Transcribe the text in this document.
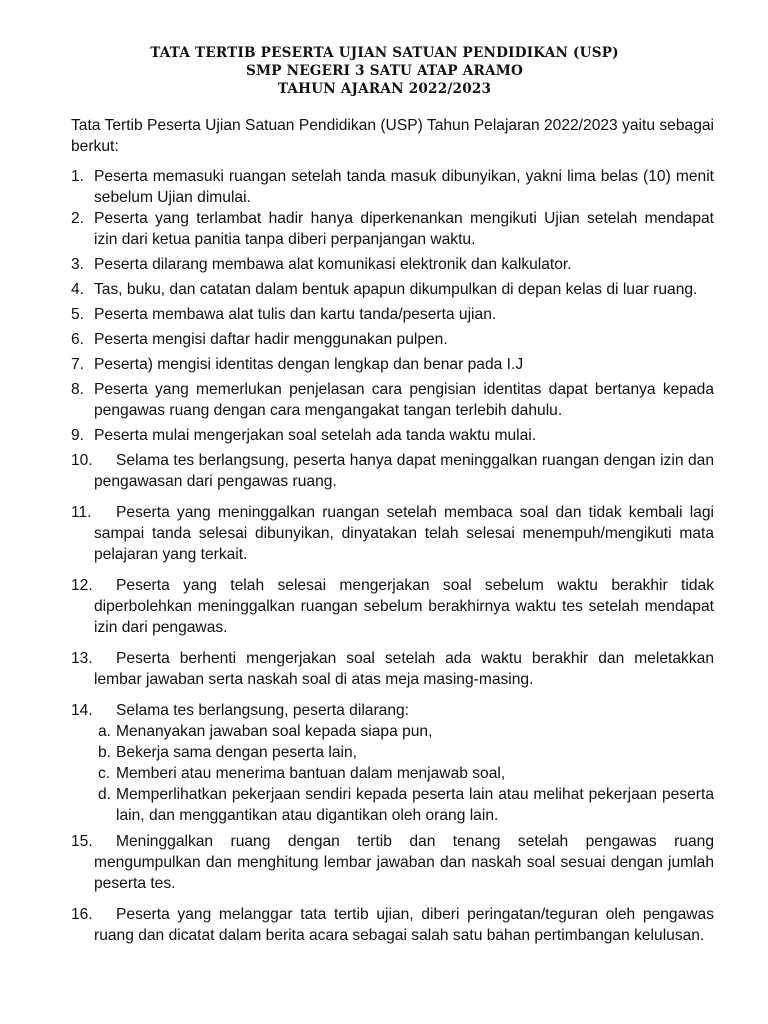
TATA TERTIB PESERTA UJIAN SATUAN PENDIDIKAN (USP)
SMP NEGERI 3 SATU ATAP ARAMO
TAHUN AJARAN 2022/2023
Tata Tertib Peserta Ujian Satuan Pendidikan (USP) Tahun Pelajaran 2022/2023 yaitu sebagai berkut:
1. Peserta memasuki ruangan setelah tanda masuk dibunyikan, yakni lima belas (10) menit sebelum Ujian dimulai.
2. Peserta yang terlambat hadir hanya diperkenankan mengikuti Ujian setelah mendapat izin dari ketua panitia tanpa diberi perpanjangan waktu.
3. Peserta dilarang membawa alat komunikasi elektronik dan kalkulator.
4. Tas, buku, dan catatan dalam bentuk apapun dikumpulkan di depan kelas di luar ruang.
5. Peserta membawa alat tulis dan kartu tanda/peserta ujian.
6. Peserta mengisi daftar hadir menggunakan pulpen.
7. Peserta) mengisi identitas dengan lengkap dan benar pada I.J
8. Peserta yang memerlukan penjelasan cara pengisian identitas dapat bertanya kepada pengawas ruang dengan cara mengangakat tangan terlebih dahulu.
9. Peserta mulai mengerjakan soal setelah ada tanda waktu mulai.
10. Selama tes berlangsung, peserta hanya dapat meninggalkan ruangan dengan izin dan pengawasan dari pengawas ruang.
11. Peserta yang meninggalkan ruangan setelah membaca soal dan tidak kembali lagi sampai tanda selesai dibunyikan, dinyatakan telah selesai menempuh/mengikuti mata pelajaran yang terkait.
12. Peserta yang telah selesai mengerjakan soal sebelum waktu berakhir tidak diperbolehkan meninggalkan ruangan sebelum berakhirnya waktu tes setelah mendapat izin dari pengawas.
13. Peserta berhenti mengerjakan soal setelah ada waktu berakhir dan meletakkan lembar jawaban serta naskah soal di atas meja masing-masing.
14. Selama tes berlangsung, peserta dilarang:
a. Menanyakan jawaban soal kepada siapa pun,
b. Bekerja sama dengan peserta lain,
c. Memberi atau menerima bantuan dalam menjawab soal,
d. Memperlihatkan pekerjaan sendiri kepada peserta lain atau melihat pekerjaan peserta lain, dan menggantikan atau digantikan oleh orang lain.
15. Meninggalkan ruang dengan tertib dan tenang setelah pengawas ruang mengumpulkan dan menghitung lembar jawaban dan naskah soal sesuai dengan jumlah peserta tes.
16. Peserta yang melanggar tata tertib ujian, diberi peringatan/teguran oleh pengawas ruang dan dicatat dalam berita acara sebagai salah satu bahan pertimbangan kelulusan.
